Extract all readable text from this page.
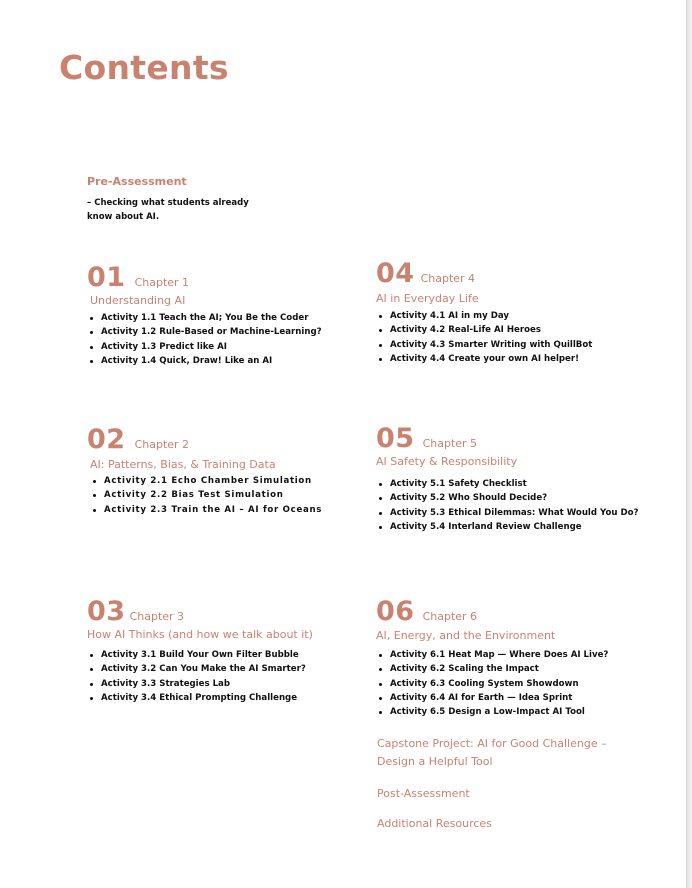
Contents
Pre-Assessment
– Checking what students already know about AI.
01 Chapter 1
Understanding AI
Activity 1.1 Teach the AI; You Be the Coder
Activity 1.2 Rule-Based or Machine-Learning?
Activity 1.3 Predict like AI
Activity 1.4 Quick, Draw! Like an AI
02 Chapter 2
AI: Patterns, Bias, & Training Data
Activity 2.1 Echo Chamber Simulation
Activity 2.2 Bias Test Simulation
Activity 2.3 Train the AI – AI for Oceans
03 Chapter 3
How AI Thinks (and how we talk about it)
Activity 3.1 Build Your Own Filter Bubble
Activity 3.2 Can You Make the AI Smarter?
Activity 3.3 Strategies Lab
Activity 3.4 Ethical Prompting Challenge
04 Chapter 4
AI in Everyday Life
Activity 4.1 AI in my Day
Activity 4.2 Real-Life AI Heroes
Activity 4.3 Smarter Writing with QuillBot
Activity 4.4 Create your own AI helper!
05 Chapter 5
AI Safety & Responsibility
Activity 5.1 Safety Checklist
Activity 5.2 Who Should Decide?
Activity 5.3 Ethical Dilemmas: What Would You Do?
Activity 5.4 Interland Review Challenge
06 Chapter 6
AI, Energy, and the Environment
Activity 6.1 Heat Map — Where Does AI Live?
Activity 6.2 Scaling the Impact
Activity 6.3 Cooling System Showdown
Activity 6.4 AI for Earth — Idea Sprint
Activity 6.5 Design a Low-Impact AI Tool
Capstone Project: AI for Good Challenge – Design a Helpful Tool
Post-Assessment
Additional Resources
